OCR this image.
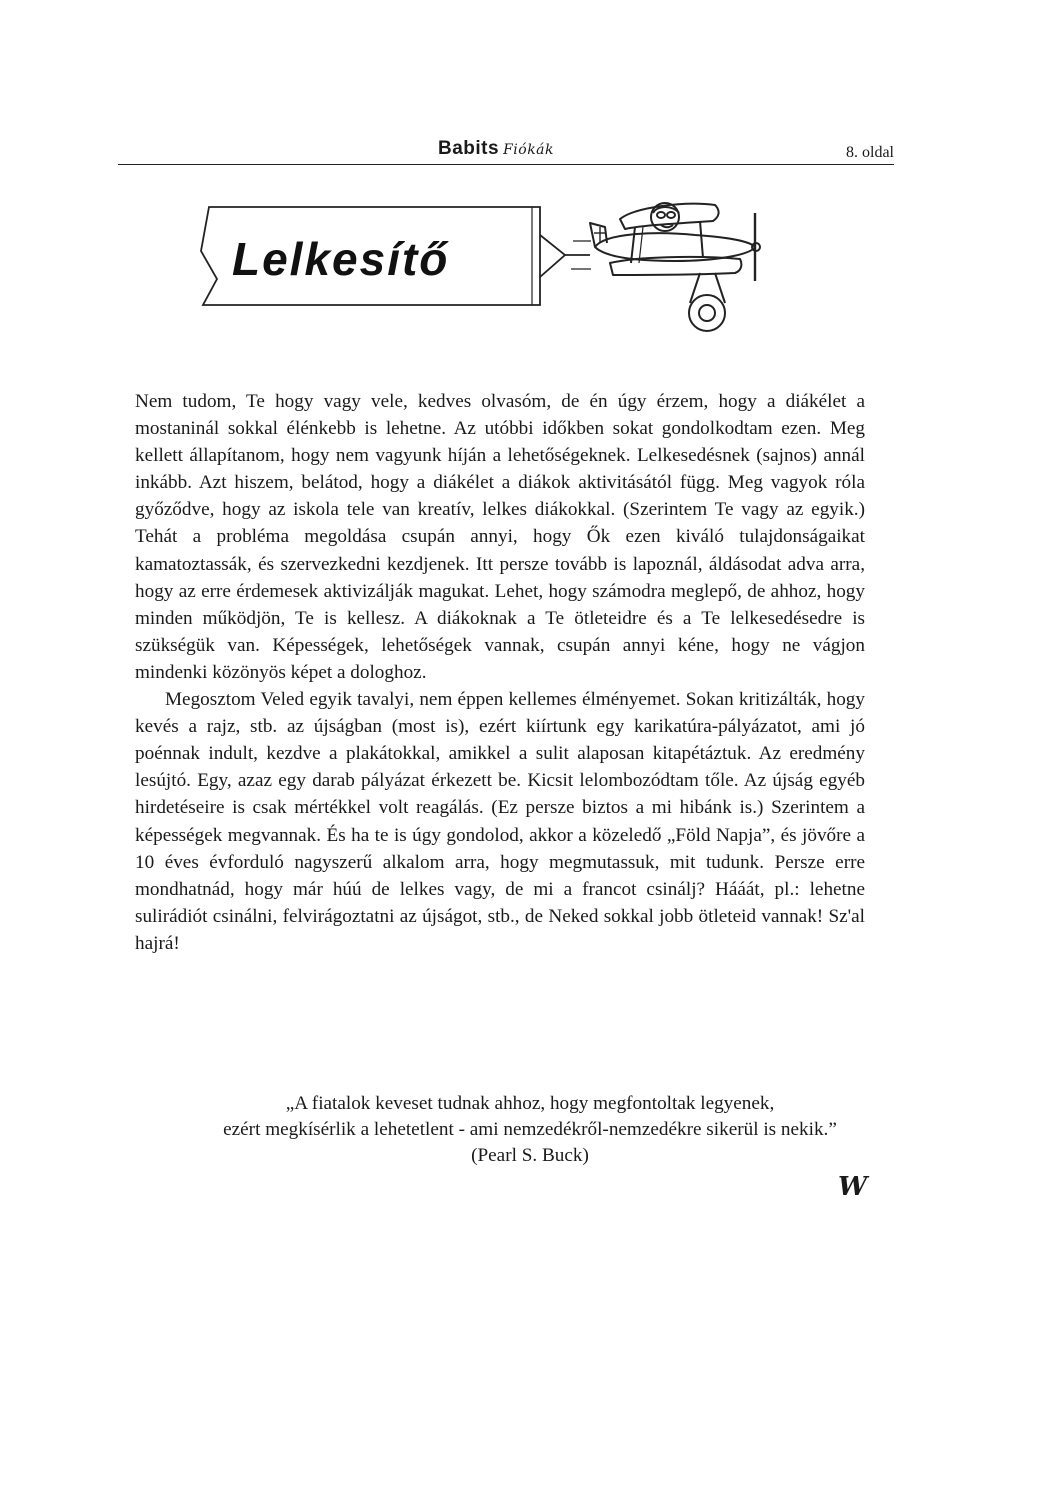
Babits Fiókák	8. oldal
Lelkesítő

Nem tudom, Te hogy vagy vele, kedves olvasóm, de én úgy érzem, hogy a diákélet a mostaninál sokkal élénkebb is lehetne. Az utóbbi időkben sokat gondolkodtam ezen. Meg kellett állapítanom, hogy nem vagyunk híján a lehetőségeknek. Lelkesedésnek (sajnos) annál inkább. Azt hiszem, belátod, hogy a diákélet a diákok aktivitásától függ. Meg vagyok róla győződve, hogy az iskola tele van kreatív, lelkes diákokkal. (Szerintem Te vagy az egyik.) Tehát a probléma megoldása csupán annyi, hogy Ők ezen kiváló tulajdonságaikat kamatoztassák, és szervezkedni kezdjenek. Itt persze tovább is lapoznál, áldásodat adva arra, hogy az erre érdemesek aktivizálják magukat. Lehet, hogy számodra meglepő, de ahhoz, hogy minden működjön, Te is kellesz. A diákoknak a Te ötleteidre és a Te lelkesedésedre is szükségük van. Képességek, lehetőségek vannak, csupán annyi kéne, hogy ne vágjon mindenki közönyös képet a dologhoz.

Megosztom Veled egyik tavalyi, nem éppen kellemes élményemet. Sokan kritizálták, hogy kevés a rajz, stb. az újságban (most is), ezért kiírtunk egy karikatúra-pályázatot, ami jó poénnak indult, kezdve a plakátokkal, amikkel a sulit alaposan kitapétáztuk. Az eredmény lesújtó. Egy, azaz egy darab pályázat érkezett be. Kicsit lelombozódtam tőle. Az újság egyéb hirdetéseire is csak mértékkel volt reagálás. (Ez persze biztos a mi hibánk is.) Szerintem a képességek megvannak. És ha te is úgy gondolod, akkor a közeledő „Föld Napja”, és jövőre a 10 éves évforduló nagyszerű alkalom arra, hogy megmutassuk, mit tudunk. Persze erre mondhatnád, hogy már húú de lelkes vagy, de mi a francot csinálj? Hááát, pl.: lehetne sulirádiót csinálni, felvirágoztatni az újságot, stb., de Neked sokkal jobb ötleteid vannak! Sz'al hajrá!

„A fiatalok keveset tudnak ahhoz, hogy megfontoltak legyenek,
ezért megkísérlik a lehetetlent - ami nemzedékről-nemzedékre sikerül is nekik.”
(Pearl S. Buck)
W
